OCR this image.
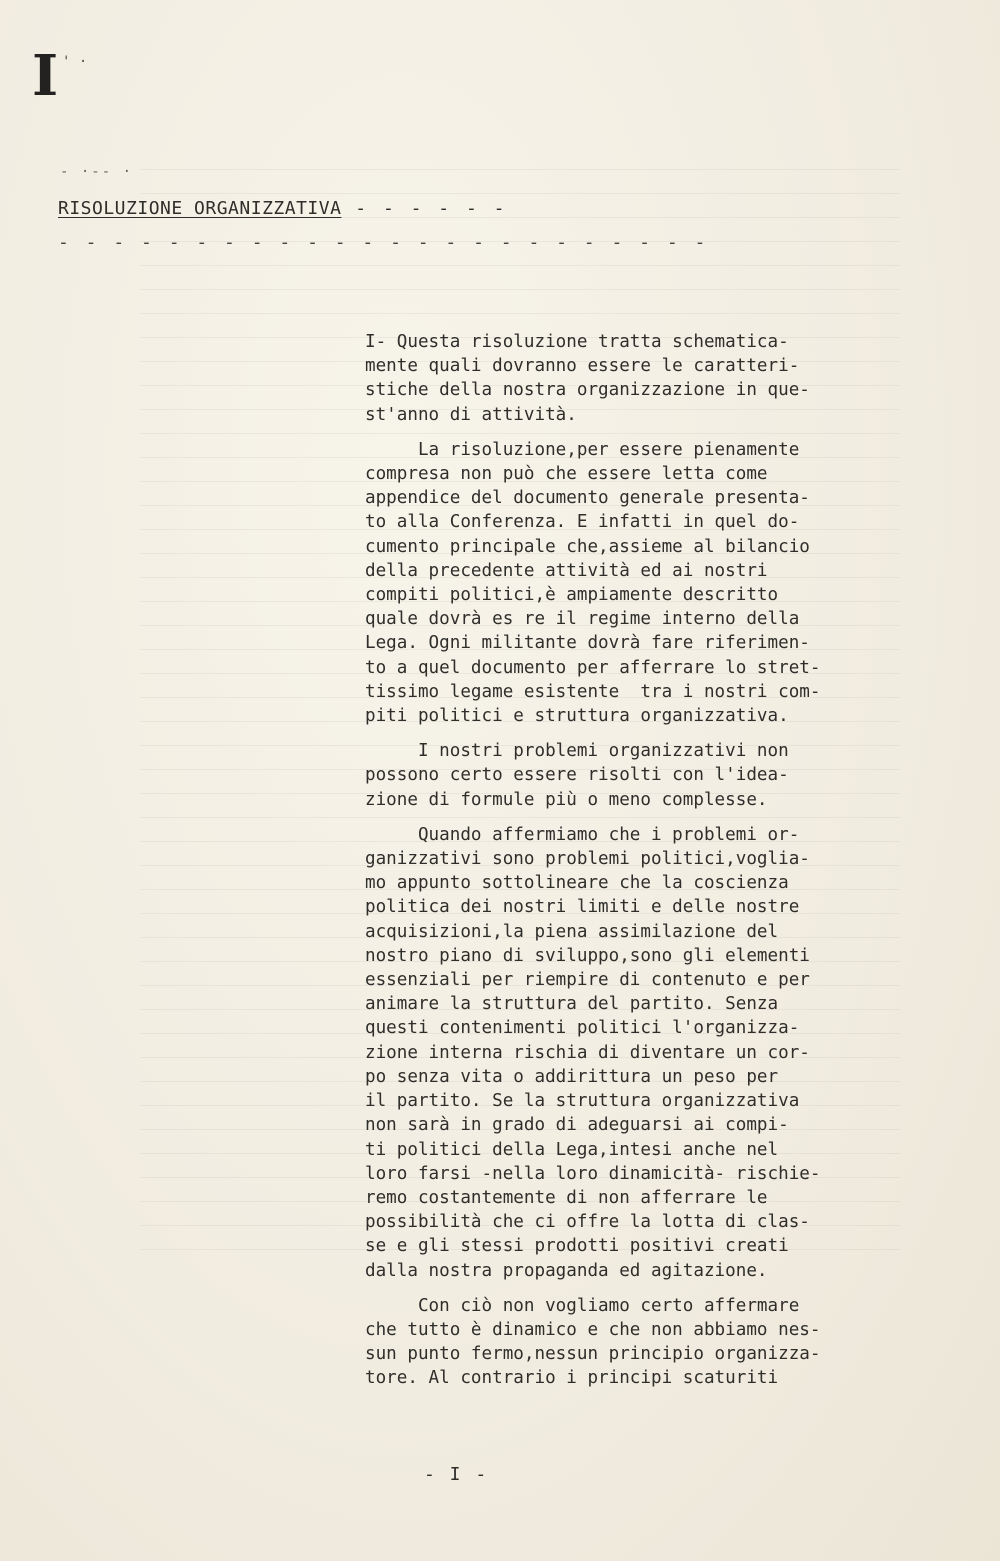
I ' ·
- ·-- ·
RISOLUZIONE ORGANIZZATIVA - - - - - -
- - - - - - - - - - - - - - - - - - - - - - - -
I- Questa risoluzione tratta schematica-
mente quali dovranno essere le caratteri-
stiche della nostra organizzazione in que-
st'anno di attività.
La risoluzione,per essere pienamente
compresa non può che essere letta come
appendice del documento generale presenta-
to alla Conferenza. E infatti in quel do-
cumento principale che,assieme al bilancio
della precedente attività ed ai nostri
compiti politici,è ampiamente descritto
quale dovrà es re il regime interno della
Lega. Ogni militante dovrà fare riferimen-
to a quel documento per afferrare lo stret-
tissimo legame esistente  tra i nostri com-
piti politici e struttura organizzativa.
I nostri problemi organizzativi non
possono certo essere risolti con l'idea-
zione di formule più o meno complesse.
Quando affermiamo che i problemi or-
ganizzativi sono problemi politici,voglia-
mo appunto sottolineare che la coscienza
politica dei nostri limiti e delle nostre
acquisizioni,la piena assimilazione del
nostro piano di sviluppo,sono gli elementi
essenziali per riempire di contenuto e per
animare la struttura del partito. Senza
questi contenimenti politici l'organizza-
zione interna rischia di diventare un cor-
po senza vita o addirittura un peso per
il partito. Se la struttura organizzativa
non sarà in grado di adeguarsi ai compi-
ti politici della Lega,intesi anche nel
loro farsi -nella loro dinamicità- rischie-
remo costantemente di non afferrare le
possibilità che ci offre la lotta di clas-
se e gli stessi prodotti positivi creati
dalla nostra propaganda ed agitazione.
Con ciò non vogliamo certo affermare
che tutto è dinamico e che non abbiamo nes-
sun punto fermo,nessun principio organizza-
tore. Al contrario i principi scaturiti
- I -
